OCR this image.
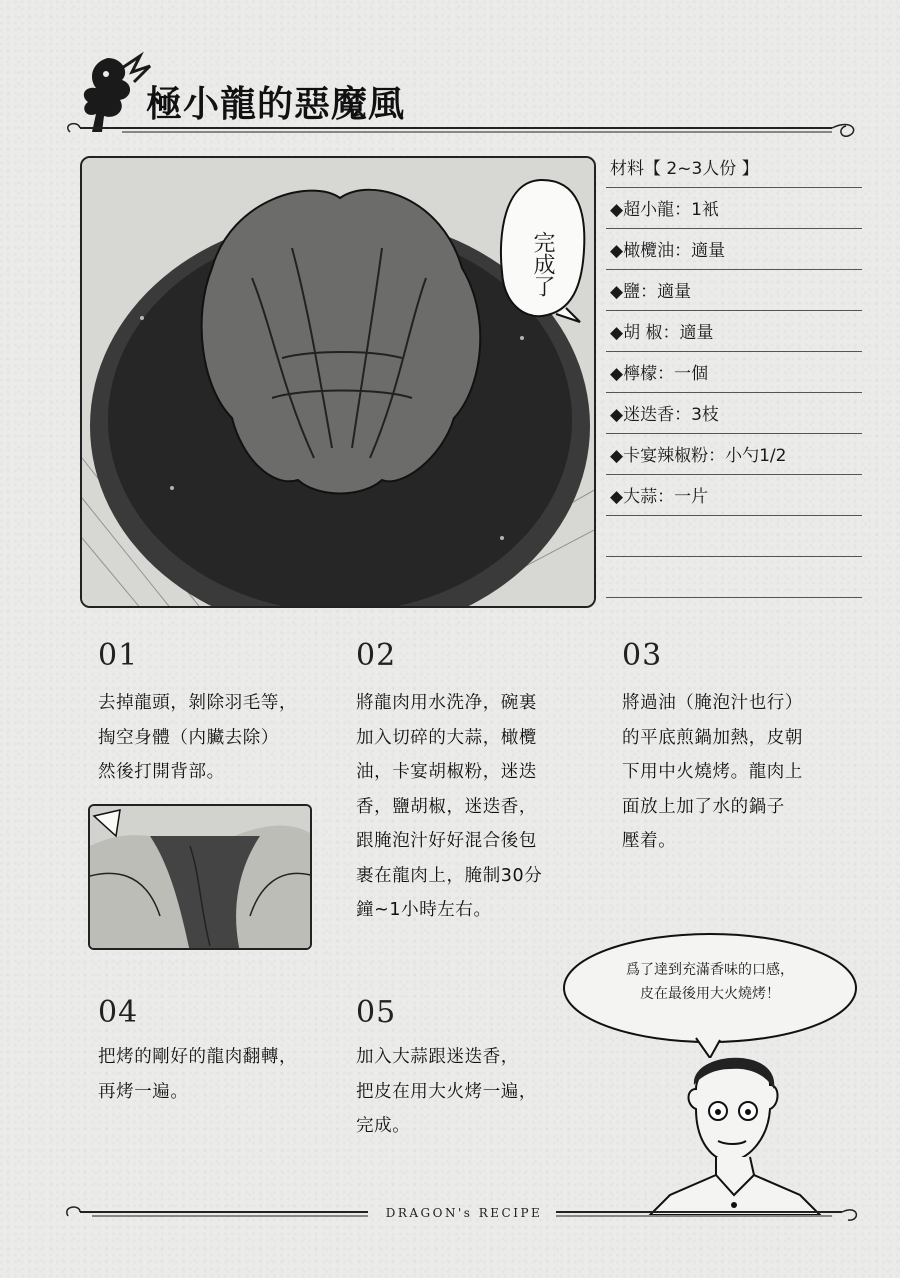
極小龍的惡魔風
完成
了
材料【 2~3人份 】
◆超小龍：1衹
◆橄欖油：適量
◆鹽：適量
◆胡 椒：適量
◆檸檬：一個
◆迷迭香：3枝
◆卡宴辣椒粉：小勺1/2
◆大蒜：一片
01
去掉龍頭，剝除羽毛等，
掏空身體（内臟去除）
然後打開背部。
02
將龍肉用水洗净，碗裏
加入切碎的大蒜，橄欖
油，卡宴胡椒粉，迷迭
香，鹽胡椒，迷迭香，
跟腌泡汁好好混合後包
裹在龍肉上，腌制30分
鐘~1小時左右。
03
將過油（腌泡汁也行）
的平底煎鍋加熱，皮朝
下用中火燒烤。龍肉上
面放上加了水的鍋子
壓着。
04
把烤的剛好的龍肉翻轉，
再烤一遍。
05
加入大蒜跟迷迭香，
把皮在用大火烤一遍，
完成。
爲了達到充滿香味的口感，
皮在最後用大火燒烤！
DRAGON's RECIPE
